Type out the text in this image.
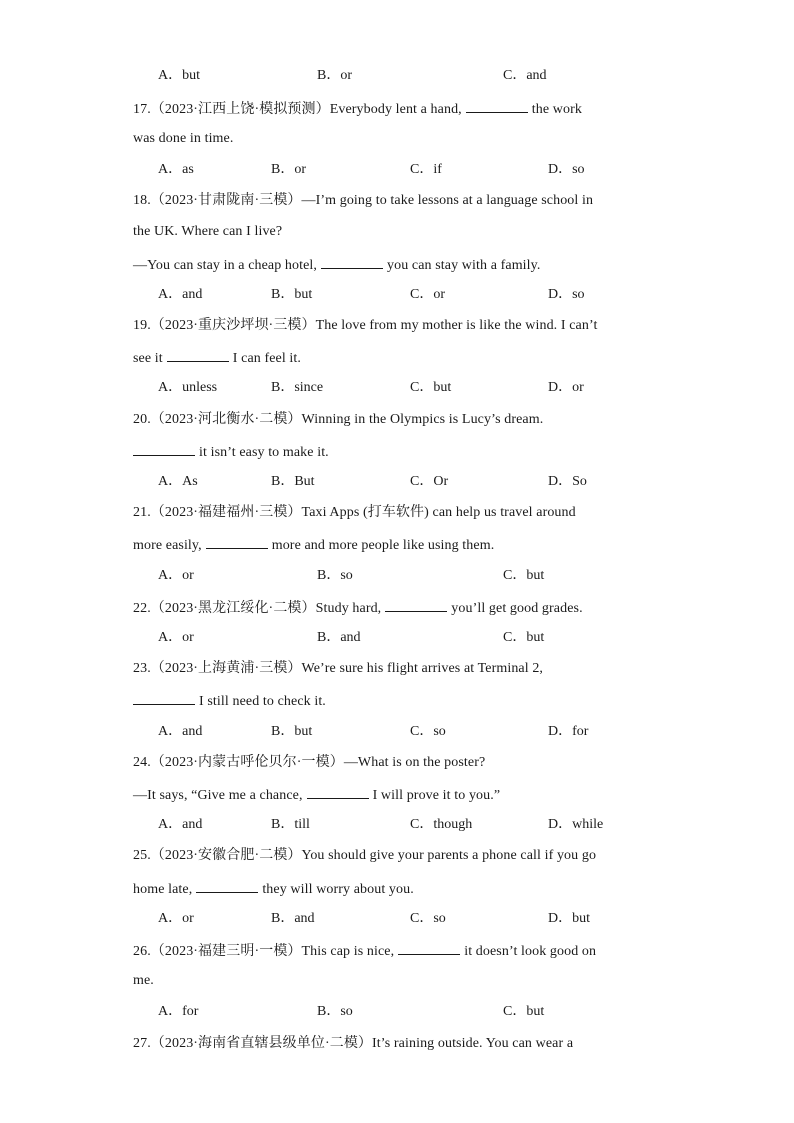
A．but	B．or	C．and
17.（2023·江西上饶·模拟预测）Everybody lent a hand,	the work
was done in time.
A．as	B．or	C．if	D．so
18.（2023·甘肃陇南·三模）—I’m going to take lessons at a language school in
the UK. Where can I live?
—You can stay in a cheap hotel,	you can stay with a family.
A．and	B．but	C．or	D．so
19.（2023·重庆沙坪坝·三模）The love from my mother is like the wind. I can’t
see it	I can feel it.
A．unless	B．since	C．but	D．or
20.（2023·河北衡水·二模）Winning in the Olympics is Lucy’s dream.
it isn’t easy to make it.
A．As	B．But	C．Or	D．So
21.（2023·福建福州·三模）Taxi Apps (打车软件) can help us travel around
more easily,	more and more people like using them.
A．or	B．so	C．but
22.（2023·黑龙江绥化·二模）Study hard,	you’ll get good grades.
A．or	B．and	C．but
23.（2023·上海黄浦·三模）We’re sure his flight arrives at Terminal 2,
I still need to check it.
A．and	B．but	C．so	D．for
24.（2023·内蒙古呼伦贝尔·一模）—What is on the poster?
—It says, “Give me a chance,	I will prove it to you.”
A．and	B．till	C．though	D．while
25.（2023·安徽合肥·二模）You should give your parents a phone call if you go
home late,	they will worry about you.
A．or	B．and	C．so	D．but
26.（2023·福建三明·一模）This cap is nice,	it doesn’t look good on
me.
A．for	B．so	C．but
27.（2023·海南省直辖县级单位·二模）It’s raining outside. You can wear a
